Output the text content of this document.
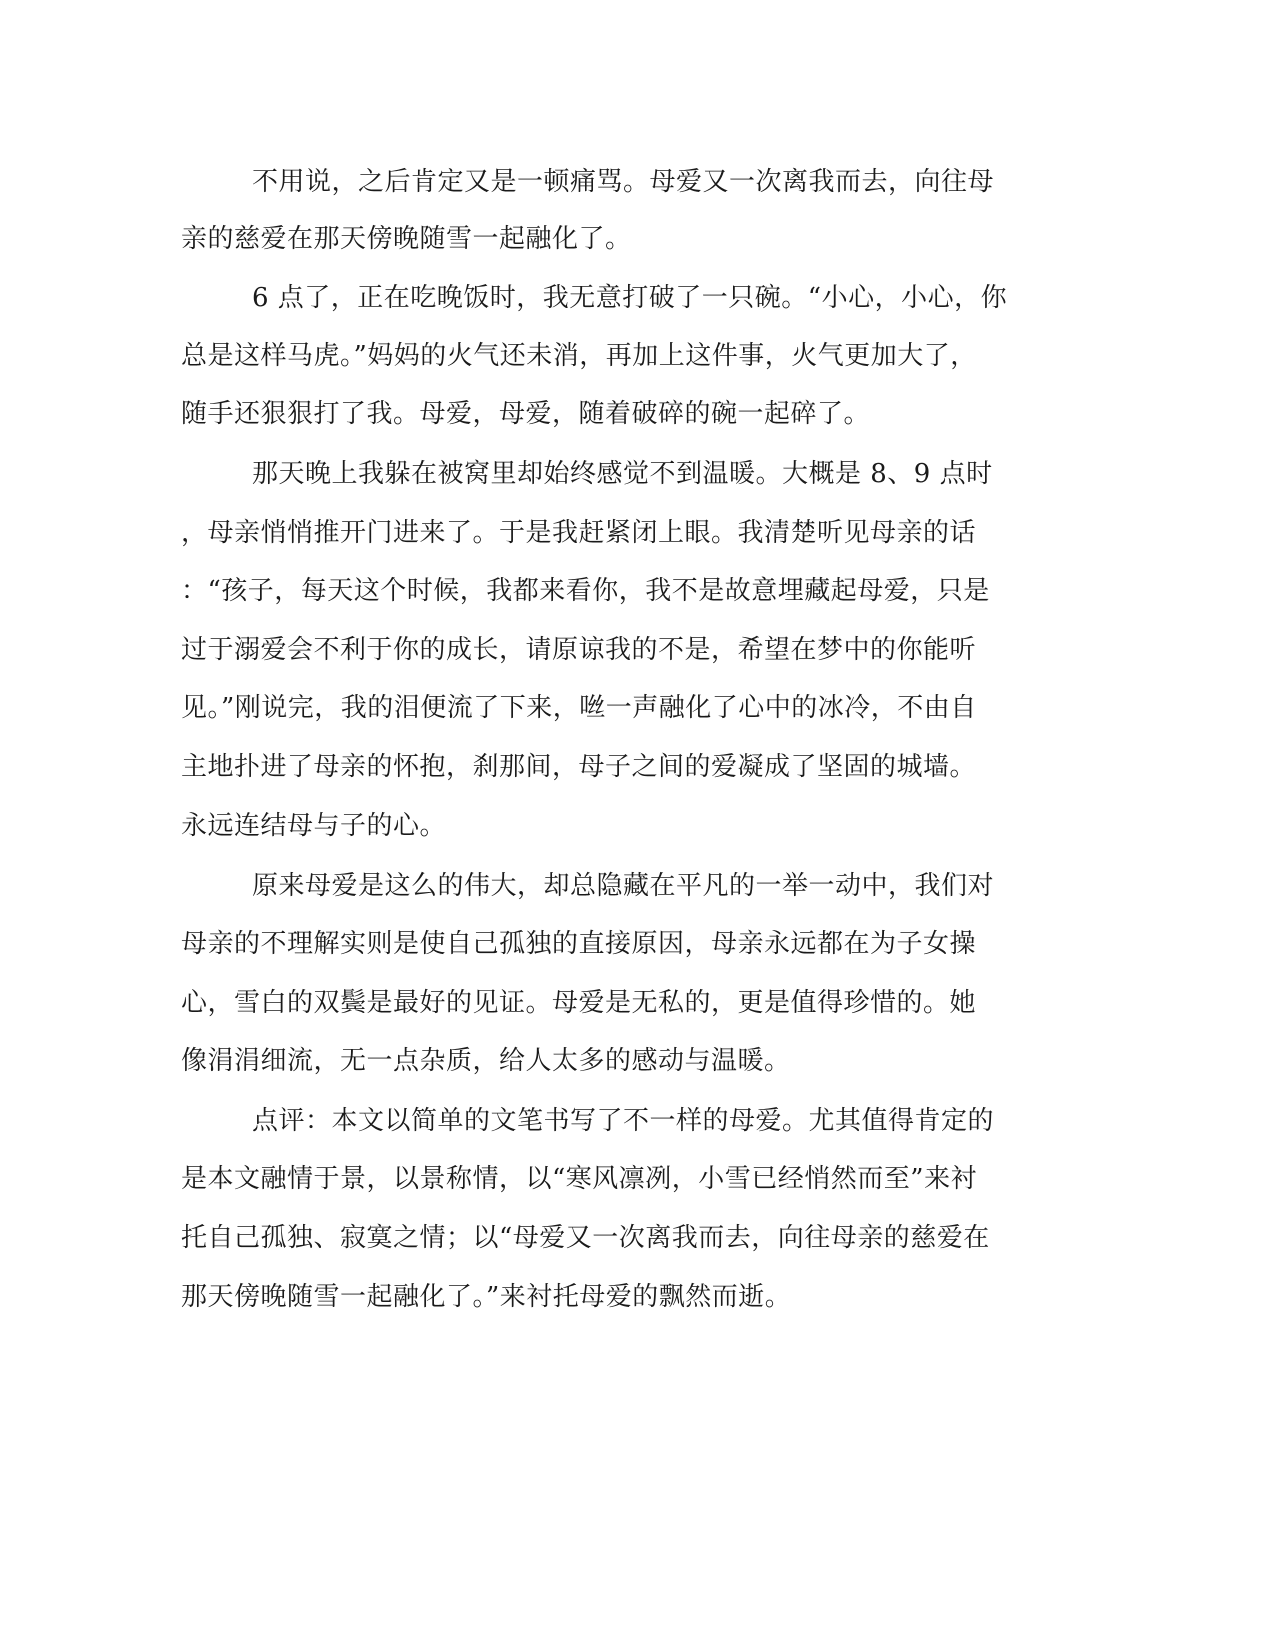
不用说，之后肯定又是一顿痛骂。母爱又一次离我而去，向往母
亲的慈爱在那天傍晚随雪一起融化了。
6 点了，正在吃晚饭时，我无意打破了一只碗。“小心，小心，你
总是这样马虎。”妈妈的火气还未消，再加上这件事，火气更加大了，
随手还狠狠打了我。母爱，母爱，随着破碎的碗一起碎了。
那天晚上我躲在被窝里却始终感觉不到温暖。大概是 8、9 点时
，母亲悄悄推开门进来了。于是我赶紧闭上眼。我清楚听见母亲的话
：“孩子，每天这个时候，我都来看你，我不是故意埋藏起母爱，只是
过于溺爱会不利于你的成长，请原谅我的不是，希望在梦中的你能听
见。”刚说完，我的泪便流了下来，咝一声融化了心中的冰冷，不由自
主地扑进了母亲的怀抱，刹那间，母子之间的爱凝成了坚固的城墙。
永远连结母与子的心。
原来母爱是这么的伟大，却总隐藏在平凡的一举一动中，我们对
母亲的不理解实则是使自己孤独的直接原因，母亲永远都在为子女操
心，雪白的双鬓是最好的见证。母爱是无私的，更是值得珍惜的。她
像涓涓细流，无一点杂质，给人太多的感动与温暖。
点评：本文以简单的文笔书写了不一样的母爱。尤其值得肯定的
是本文融情于景，以景称情，以“寒风凛冽，小雪已经悄然而至”来衬
托自己孤独、寂寞之情；以“母爱又一次离我而去，向往母亲的慈爱在
那天傍晚随雪一起融化了。”来衬托母爱的飘然而逝。
